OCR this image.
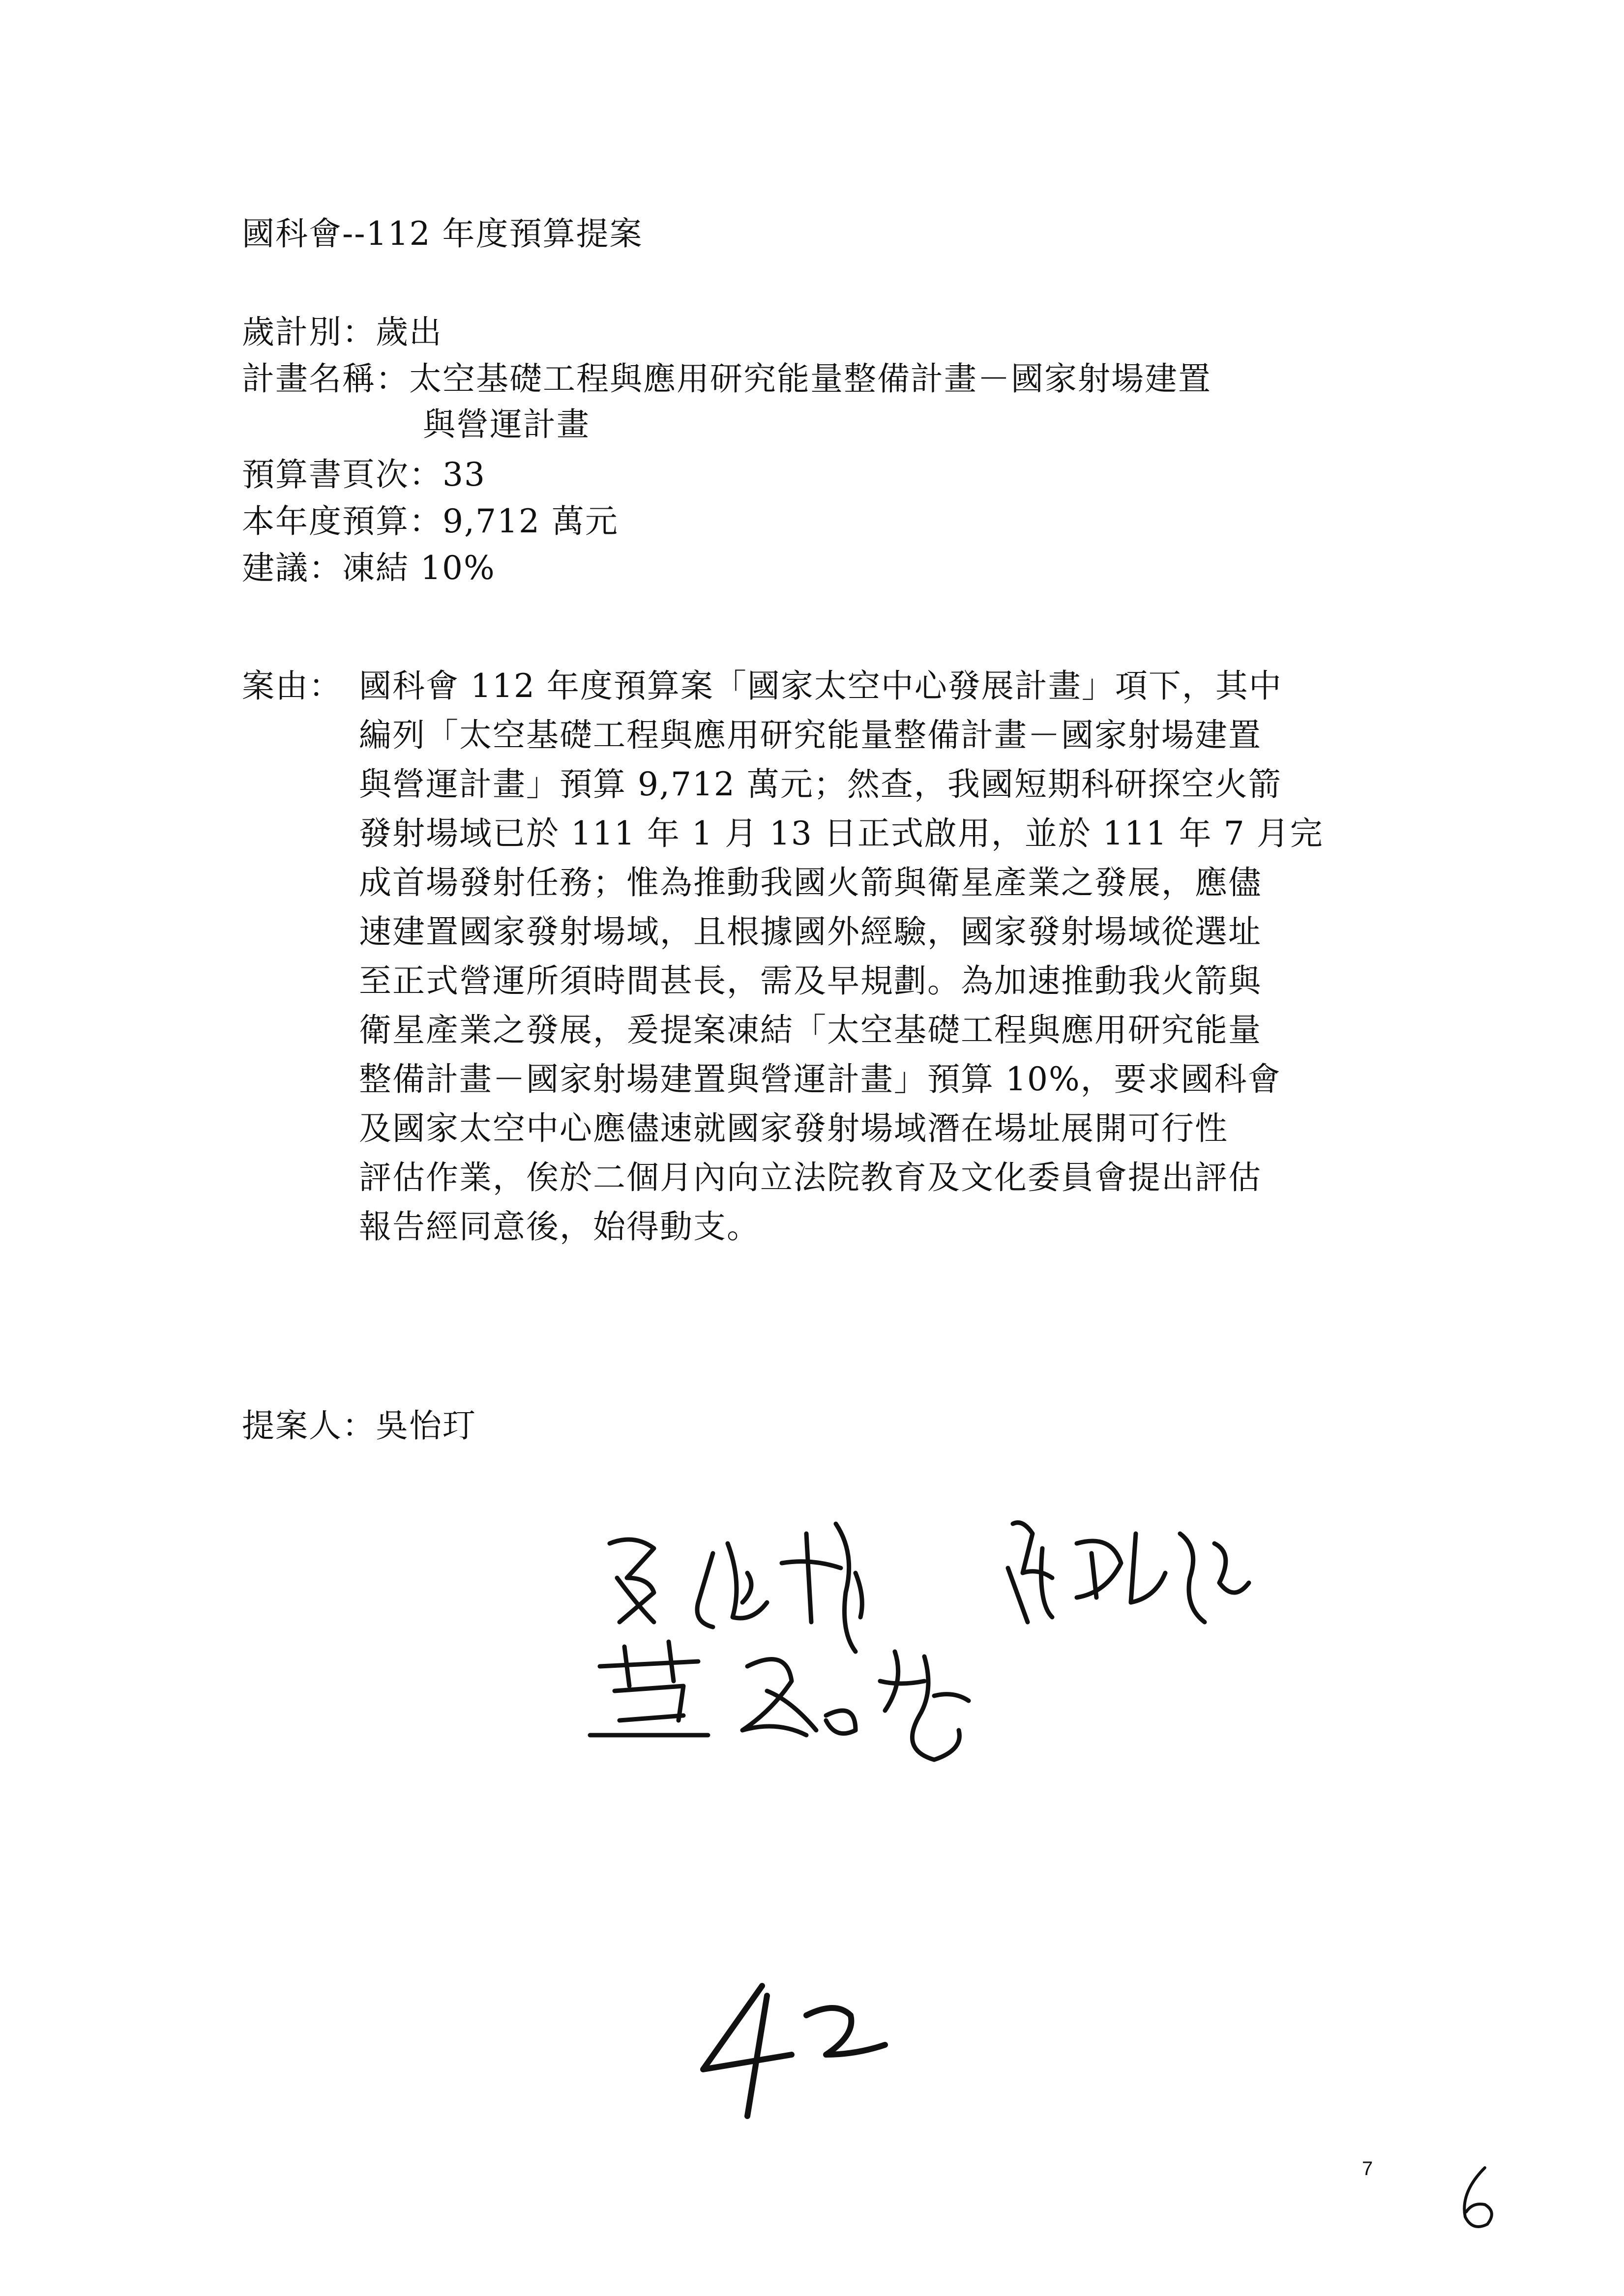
國科會--112 年度預算提案
歲計別：歲出
計畫名稱：太空基礎工程與應用研究能量整備計畫－國家射場建置
與營運計畫
預算書頁次：33
本年度預算：9,712 萬元
建議：凍結 10%
案由： 國科會 112 年度預算案「國家太空中心發展計畫」項下，其中
編列「太空基礎工程與應用研究能量整備計畫－國家射場建置
與營運計畫」預算 9,712 萬元；然查，我國短期科研探空火箭
發射場域已於 111 年 1 月 13 日正式啟用，並於 111 年 7 月完
成首場發射任務；惟為推動我國火箭與衛星產業之發展，應儘
速建置國家發射場域，且根據國外經驗，國家發射場域從選址
至正式營運所須時間甚長，需及早規劃。為加速推動我火箭與
衛星產業之發展，爰提案凍結「太空基礎工程與應用研究能量
整備計畫－國家射場建置與營運計畫」預算 10%，要求國科會
及國家太空中心應儘速就國家發射場域潛在場址展開可行性
評估作業，俟於二個月內向立法院教育及文化委員會提出評估
報告經同意後，始得動支。
提案人：吳怡玎
7
